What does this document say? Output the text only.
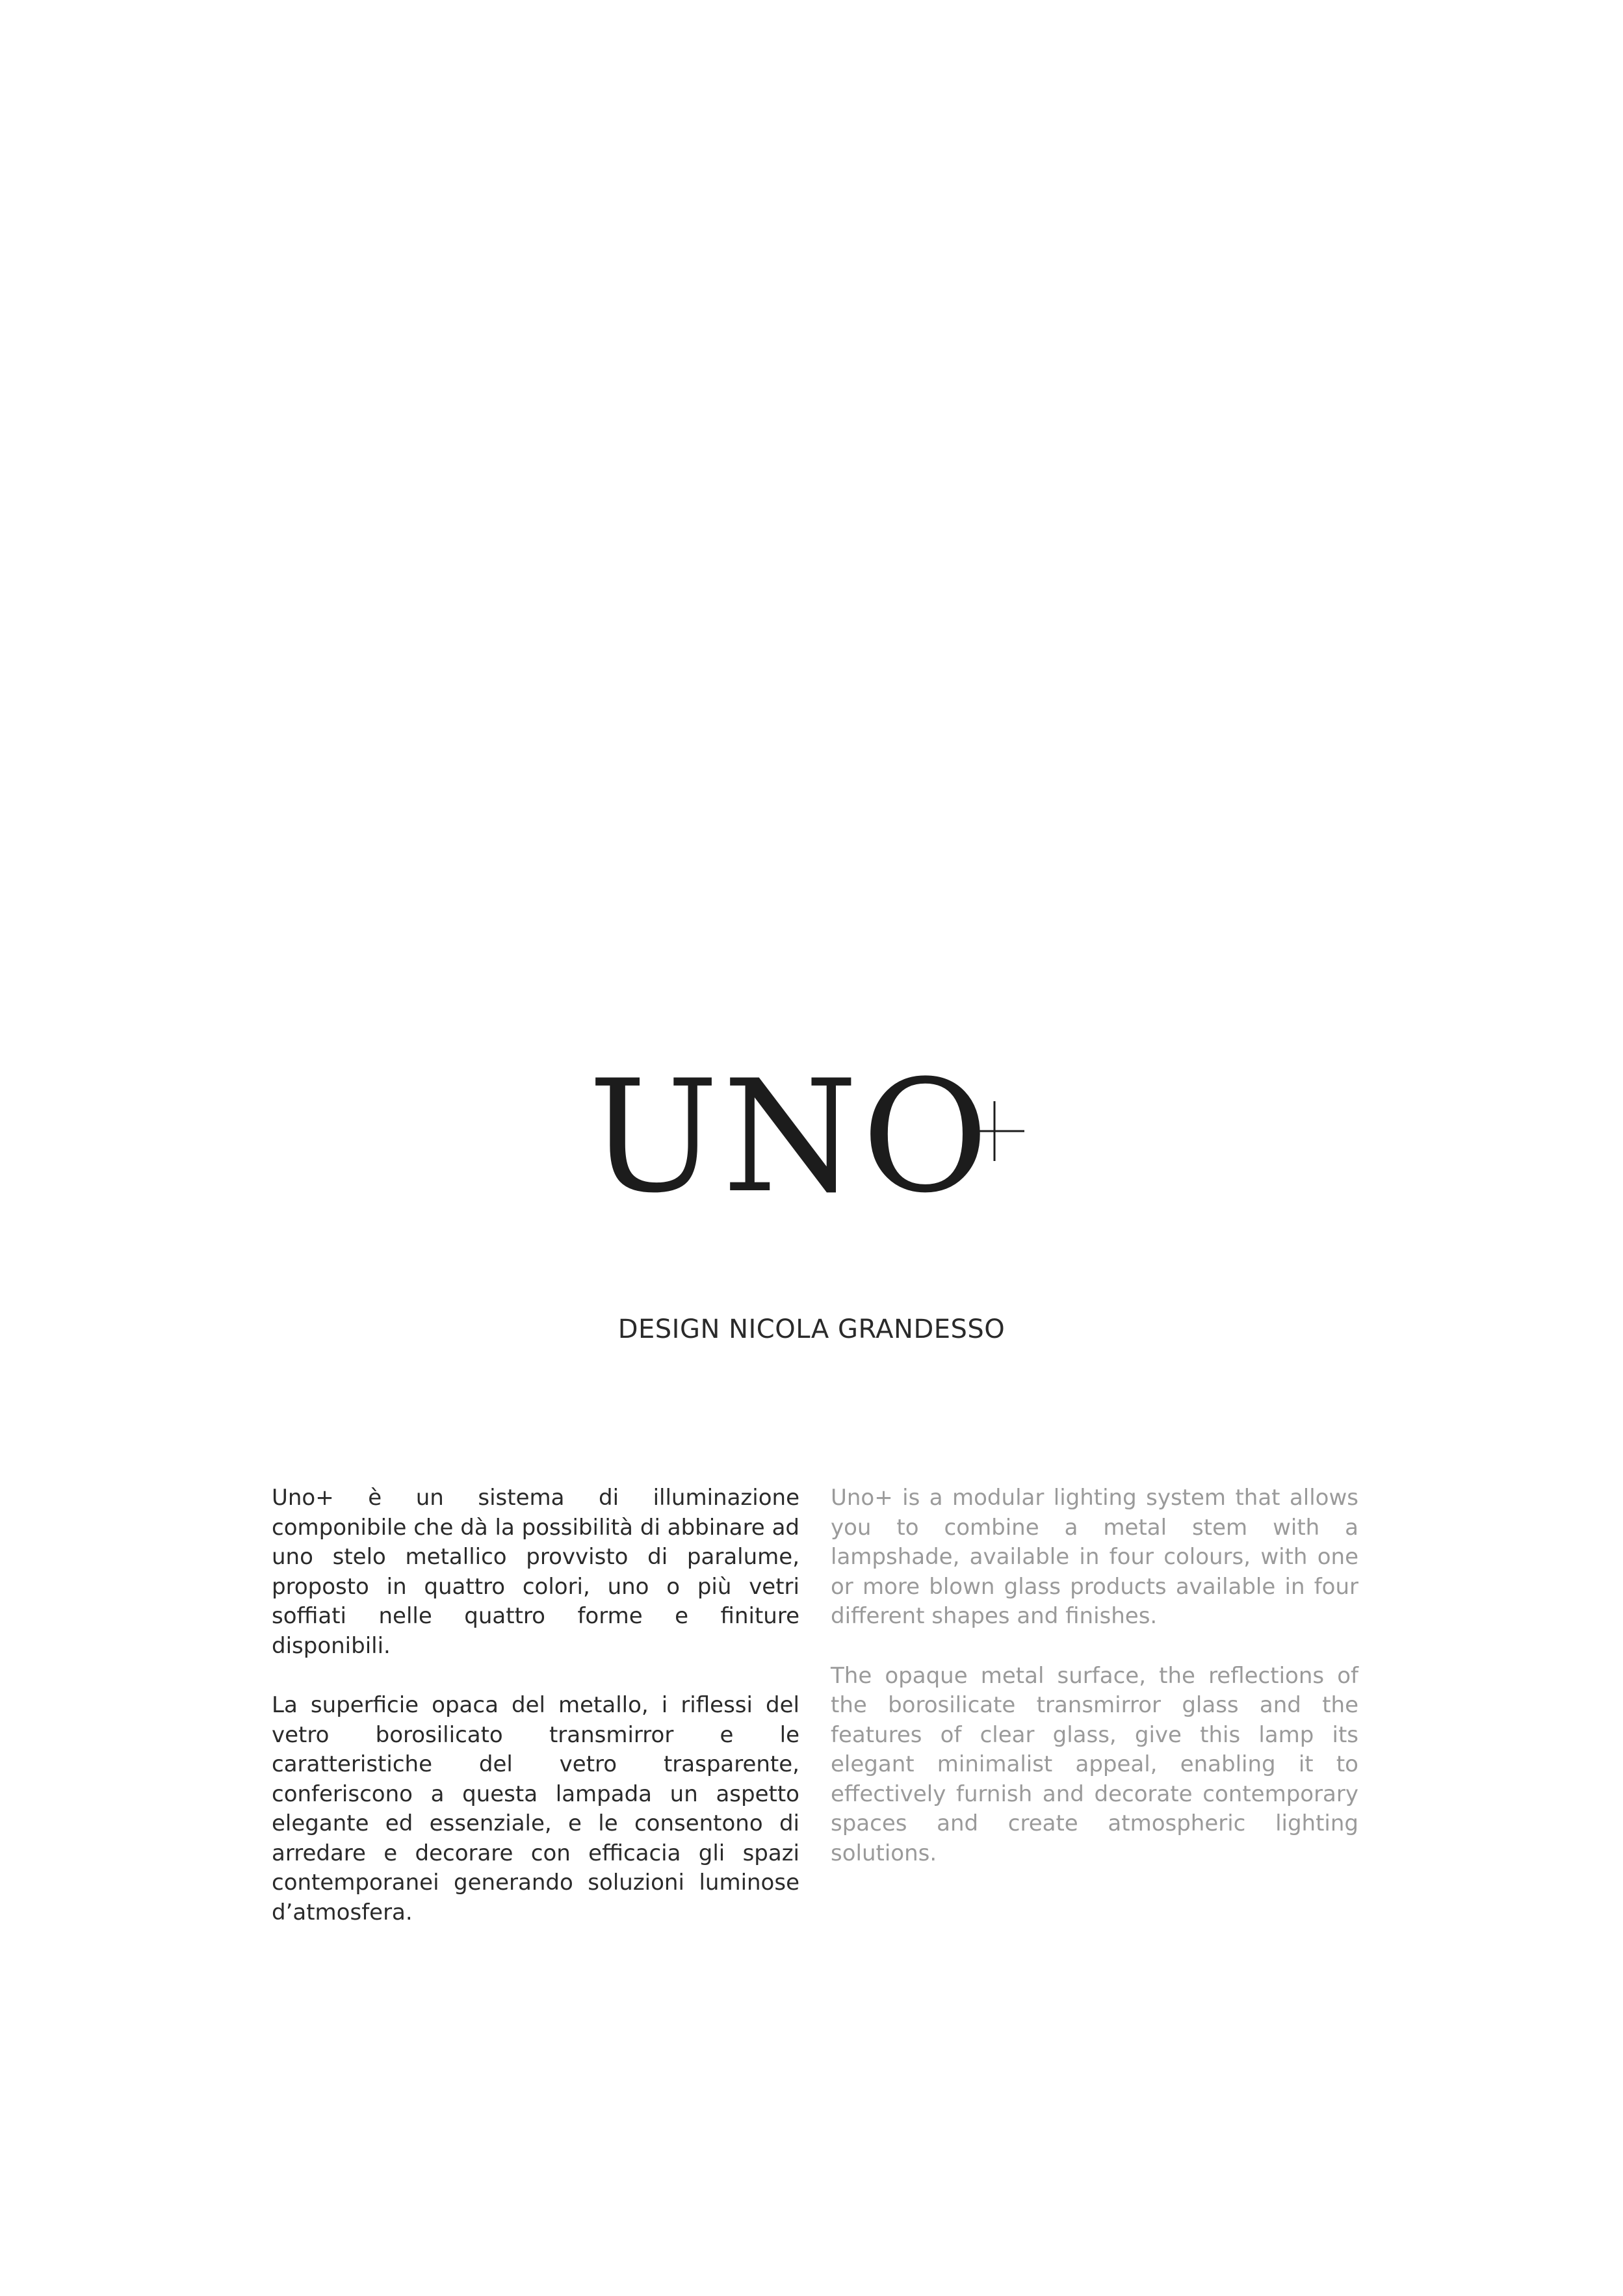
UNO
DESIGN NICOLA GRANDESSO

Uno+ è un sistema di illuminazione componibile che dà la possibilità di abbinare ad uno stelo metallico provvisto di paralume, proposto in quattro colori, uno o più vetri soffiati nelle quattro forme e finiture disponibili.

La superficie opaca del metallo, i riflessi del vetro borosilicato transmirror e le caratteristiche del vetro trasparente, conferiscono a questa lampada un aspetto elegante ed essenziale, e le consentono di arredare e decorare con efficacia gli spazi contemporanei generando soluzioni luminose d’atmosfera.

Uno+ is a modular lighting system that allows you to combine a metal stem with a lampshade, available in four colours, with one or more blown glass products available in four different shapes and finishes.

The opaque metal surface, the reflections of the borosilicate transmirror glass and the features of clear glass, give this lamp its elegant minimalist appeal, enabling it to effectively furnish and decorate contemporary spaces and create atmospheric lighting solutions.
